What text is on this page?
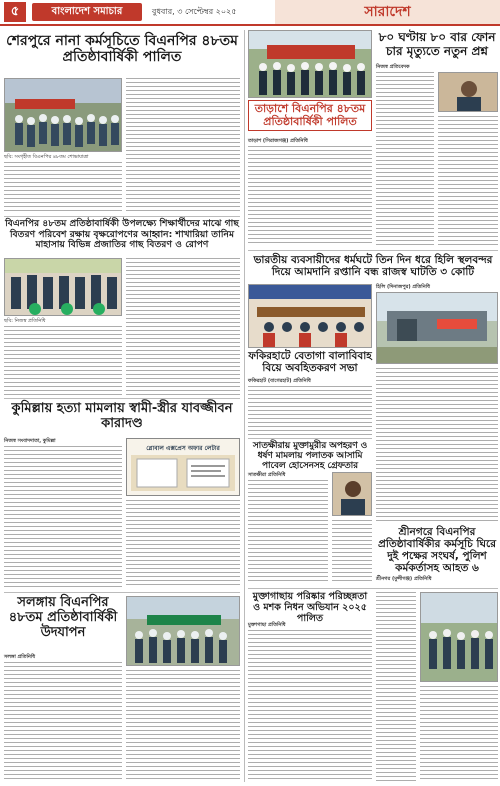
৫	বাংলাদেশ সমাচার	বুধবার, ৩ সেপ্টেম্বর ২০২৫	সারাদেশ
শেরপুরে নানা কর্মসূচিতে বিএনপির ৪৮তম প্রতিষ্ঠাবার্ষিকী পালিত
ছবি: সংগৃহীত বিএনপির ৪৮তম শোভাযাত্রা
বিএনপির ৪৮তম প্রতিষ্ঠাবার্ষিকী উপলক্ষ্যে শিক্ষার্থীদের মাঝে গাছ বিতরণ পরিবেশ রক্ষায় বৃক্ষরোপণের আহ্বান: শাখারিয়া তানিম মাহাসায় বিভিন্ন প্রজাতির গাছ বিতরণ ও রোপণ
ছবি: নিজস্ব প্রতিনিধি
কুমিল্লায় হত্যা মামলায় স্বামী-স্ত্রীর যাবজ্জীবন কারাদণ্ড
নিজস্ব সংবাদদাতা, কুমিল্লা
গ্লোবাল এক্সপ্রেস অফার লেটার
সলঙ্গায় বিএনপির ৪৮তম প্রতিষ্ঠাবার্ষিকী উদযাপন
সলঙ্গা প্রতিনিধি
তাড়াশে বিএনপির ৪৮তম প্রতিষ্ঠাবার্ষিকী পালিত
তাড়াশ (সিরাজগঞ্জ) প্রতিনিধি
৮০ ঘণ্টায় ৮০ বার ফোন
চার মৃত্যুতে নতুন প্রশ্ন
নিজস্ব প্রতিবেদক
ভারতীয় ব্যবসায়ীদের ধর্মঘটে তিন দিন ধরে হিলি স্থলবন্দর দিয়ে আমদানি রপ্তানি বন্ধ রাজস্ব ঘাটতি ৩ কোটি
হিলি (দিনাজপুর) প্রতিনিধি
ফকিরহাটে বেতাগা বালাবিবাহ বিয়ে অবহিতকরণ সভা
ফকিরহাট (বাগেরহাট) প্রতিনিধি
সাতক্ষীরায় মুক্তামুরীর অপহরণ ও ধর্ষণ মামলায় পলাতক আসামি পাবেল হোসেনসহ গ্রেফতার
সাতক্ষীরা প্রতিনিধি
শ্রীনগরে বিএনপির প্রতিষ্ঠাবার্ষিকীর কর্মসূচি ঘিরে দুই পক্ষের সংঘর্ষ, পুলিশ কর্মকর্তাসহ আহত ৬
শ্রীনগর (মুন্সীগঞ্জ) প্রতিনিধি
মুক্তাগাছায় পরিষ্কার পরিচ্ছন্নতা ও মশক নিধন অভিযান ২০২৫ পালিত
মুক্তাগাছা প্রতিনিধি
